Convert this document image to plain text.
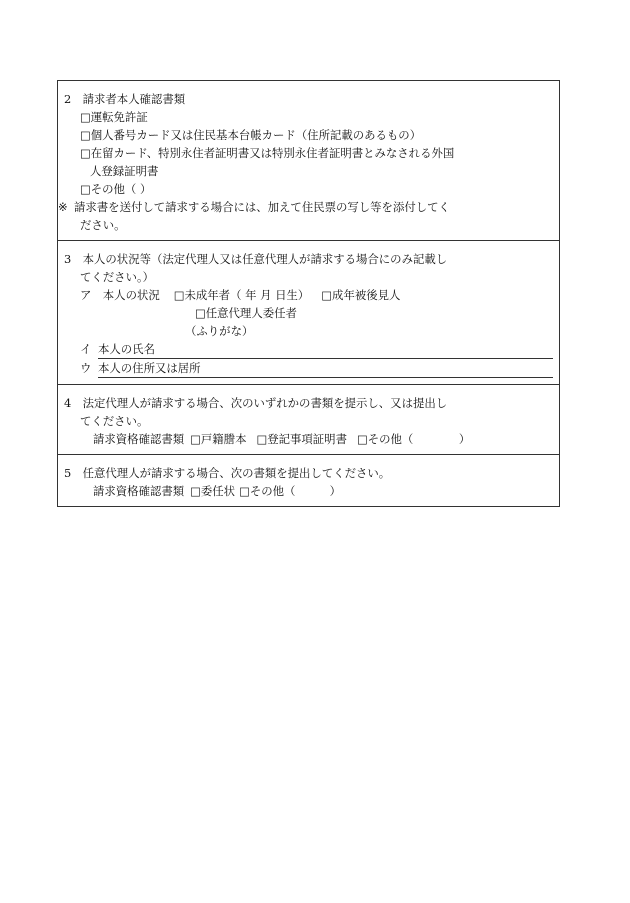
2　請求者本人確認書類
□運転免許証
□個人番号カード又は住民基本台帳カード（住所記載のあるもの）
□在留カード、特別永住者証明書又は特別永住者証明書とみなされる外国
人登録証明書
□その他（ ）
※ 請求書を送付して請求する場合には、加えて住民票の写し等を添付してく
ださい。
3　本人の状況等（法定代理人又は任意代理人が請求する場合にのみ記載し
てください。）
ア　本人の状況 □未成年者（ 年 月 日生） □成年被後見人
□任意代理人委任者
（ふりがな）
イ 本人の氏名
ウ 本人の住所又は居所
4　法定代理人が請求する場合、次のいずれかの書類を提示し、又は提出し
てください。
請求資格確認書類 □戸籍謄本 □登記事項証明書 □その他（　　　　）
5　任意代理人が請求する場合、次の書類を提出してください。
請求資格確認書類 □委任状 □その他（　　　）
